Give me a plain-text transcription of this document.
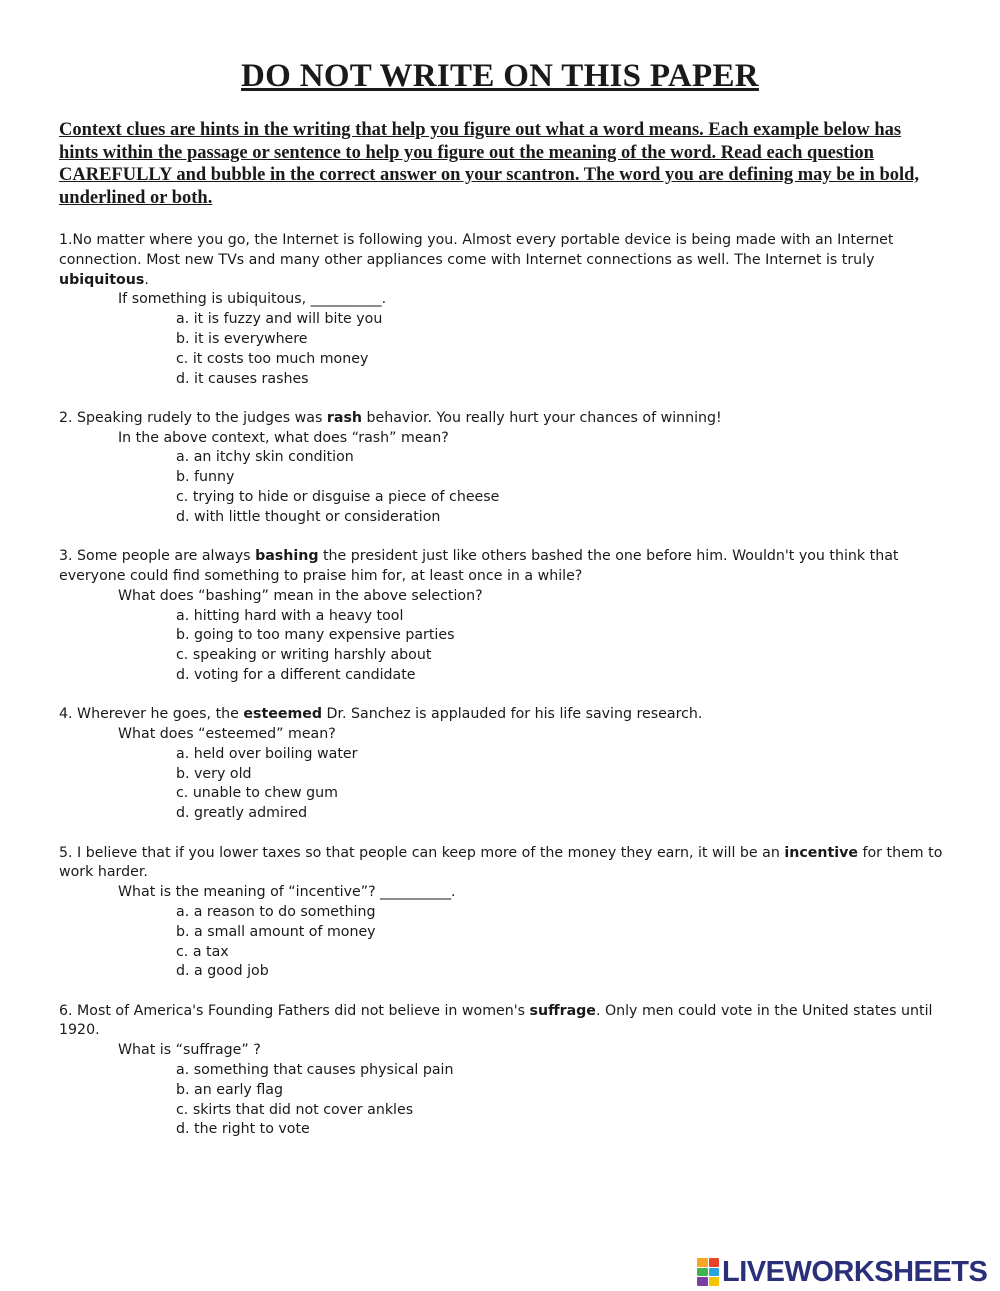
DO NOT WRITE ON THIS PAPER

Context clues are hints in the writing that help you figure out what a word means. Each example below has hints within the passage or sentence to help you figure out the meaning of the word. Read each question CAREFULLY and bubble in the correct answer on your scantron. The word you are defining may be in bold, underlined or both.

1.No matter where you go, the Internet is following you. Almost every portable device is being made with an Internet connection. Most new TVs and many other appliances come with Internet connections as well. The Internet is truly ubiquitous.

If something is ubiquitous, __________.

a. it is fuzzy and will bite you
b. it is everywhere
c. it costs too much money
d. it causes rashes

2. Speaking rudely to the judges was rash behavior. You really hurt your chances of winning!

In the above context, what does “rash” mean?

a. an itchy skin condition
b. funny
c. trying to hide or disguise a piece of cheese
d. with little thought or consideration

3. Some people are always bashing the president just like others bashed the one before him. Wouldn't you think that everyone could find something to praise him for, at least once in a while?

What does “bashing” mean in the above selection?

a. hitting hard with a heavy tool
b. going to too many expensive parties
c. speaking or writing harshly about
d. voting for a different candidate

4. Wherever he goes, the esteemed Dr. Sanchez is applauded for his life saving research.

What does “esteemed” mean?

a. held over boiling water
b. very old
c. unable to chew gum
d. greatly admired

5. I believe that if you lower taxes so that people can keep more of the money they earn, it will be an incentive for them to work harder.

What is the meaning of “incentive”? __________.

a. a reason to do something
b. a small amount of money
c. a tax
d. a good job

6. Most of America's Founding Fathers did not believe in women's suffrage. Only men could vote in the United states until 1920.

What is “suffrage” ?

a. something that causes physical pain
b. an early flag
c. skirts that did not cover ankles
d. the right to vote
LIVEWORKSHEETS
